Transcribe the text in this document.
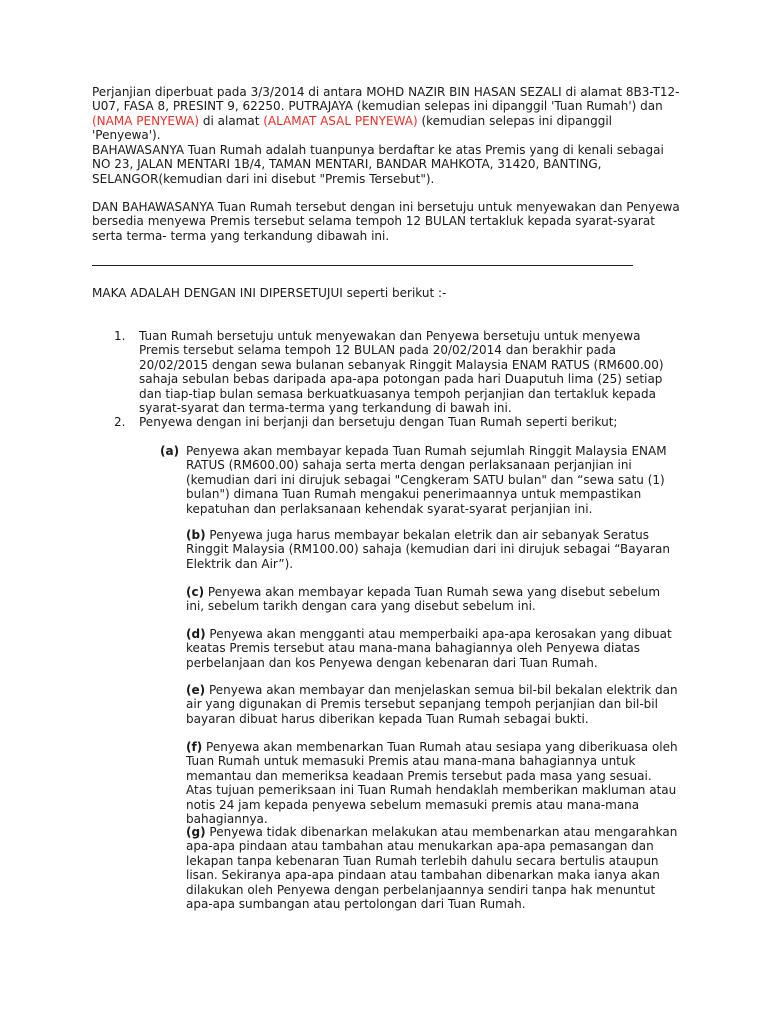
Perjanjian diperbuat pada 3/3/2014 di antara MOHD NAZIR BIN HASAN SEZALI di alamat 8B3-T12-U07, FASA 8, PRESINT 9, 62250. PUTRAJAYA (kemudian selepas ini dipanggil 'Tuan Rumah') dan (NAMA PENYEWA) di alamat (ALAMAT ASAL PENYEWA) (kemudian selepas ini dipanggil 'Penyewa').

BAHAWASANYA Tuan Rumah adalah tuanpunya berdaftar ke atas Premis yang di kenali sebagai NO 23, JALAN MENTARI 1B/4, TAMAN MENTARI, BANDAR MAHKOTA, 31420, BANTING, SELANGOR(kemudian dari ini disebut "Premis Tersebut").

DAN BAHAWASANYA Tuan Rumah tersebut dengan ini bersetuju untuk menyewakan dan Penyewa bersedia menyewa Premis tersebut selama tempoh 12 BULAN tertakluk kepada syarat-syarat serta terma- terma yang terkandung dibawah ini.

MAKA ADALAH DENGAN INI DIPERSETUJUI seperti berikut :-

1. Tuan Rumah bersetuju untuk menyewakan dan Penyewa bersetuju untuk menyewa Premis tersebut selama tempoh 12 BULAN pada 20/02/2014 dan berakhir pada 20/02/2015 dengan sewa bulanan sebanyak Ringgit Malaysia ENAM RATUS (RM600.00) sahaja sebulan bebas daripada apa-apa potongan pada hari Duaputuh lima (25) setiap dan tiap-tiap bulan semasa berkuatkuasanya tempoh perjanjian dan tertakluk kepada syarat-syarat dan terma-terma yang terkandung di bawah ini.
2. Penyewa dengan ini berjanji dan bersetuju dengan Tuan Rumah seperti berikut;
(a) Penyewa akan membayar kepada Tuan Rumah sejumlah Ringgit Malaysia ENAM RATUS (RM600.00) sahaja serta merta dengan perlaksanaan perjanjian ini (kemudian dari ini dirujuk sebagai "Cengkeram SATU bulan" dan “sewa satu (1) bulan") dimana Tuan Rumah mengakui penerimaannya untuk mempastikan kepatuhan dan perlaksanaan kehendak syarat-syarat perjanjian ini.
(b) Penyewa juga harus membayar bekalan eletrik dan air sebanyak Seratus Ringgit Malaysia (RM100.00) sahaja (kemudian dari ini dirujuk sebagai “Bayaran Elektrik dan Air”).
(c) Penyewa akan membayar kepada Tuan Rumah sewa yang disebut sebelum ini, sebelum tarikh dengan cara yang disebut sebelum ini.
(d) Penyewa akan mengganti atau memperbaiki apa-apa kerosakan yang dibuat keatas Premis tersebut atau mana-mana bahagiannya oleh Penyewa diatas perbelanjaan dan kos Penyewa dengan kebenaran dari Tuan Rumah.
(e) Penyewa akan membayar dan menjelaskan semua bil-bil bekalan elektrik dan air yang digunakan di Premis tersebut sepanjang tempoh perjanjian dan bil-bil bayaran dibuat harus diberikan kepada Tuan Rumah sebagai bukti.
(f) Penyewa akan membenarkan Tuan Rumah atau sesiapa yang diberikuasa oleh Tuan Rumah untuk memasuki Premis atau mana-mana bahagiannya untuk memantau dan memeriksa keadaan Premis tersebut pada masa yang sesuai. Atas tujuan pemeriksaan ini Tuan Rumah hendaklah memberikan makluman atau notis 24 jam kepada penyewa sebelum memasuki premis atau mana-mana bahagiannya.
(g) Penyewa tidak dibenarkan melakukan atau membenarkan atau mengarahkan apa-apa pindaan atau tambahan atau menukarkan apa-apa pemasangan dan lekapan tanpa kebenaran Tuan Rumah terlebih dahulu secara bertulis ataupun lisan. Sekiranya apa-apa pindaan atau tambahan dibenarkan maka ianya akan dilakukan oleh Penyewa dengan perbelanjaannya sendiri tanpa hak menuntut apa-apa sumbangan atau pertolongan dari Tuan Rumah.
